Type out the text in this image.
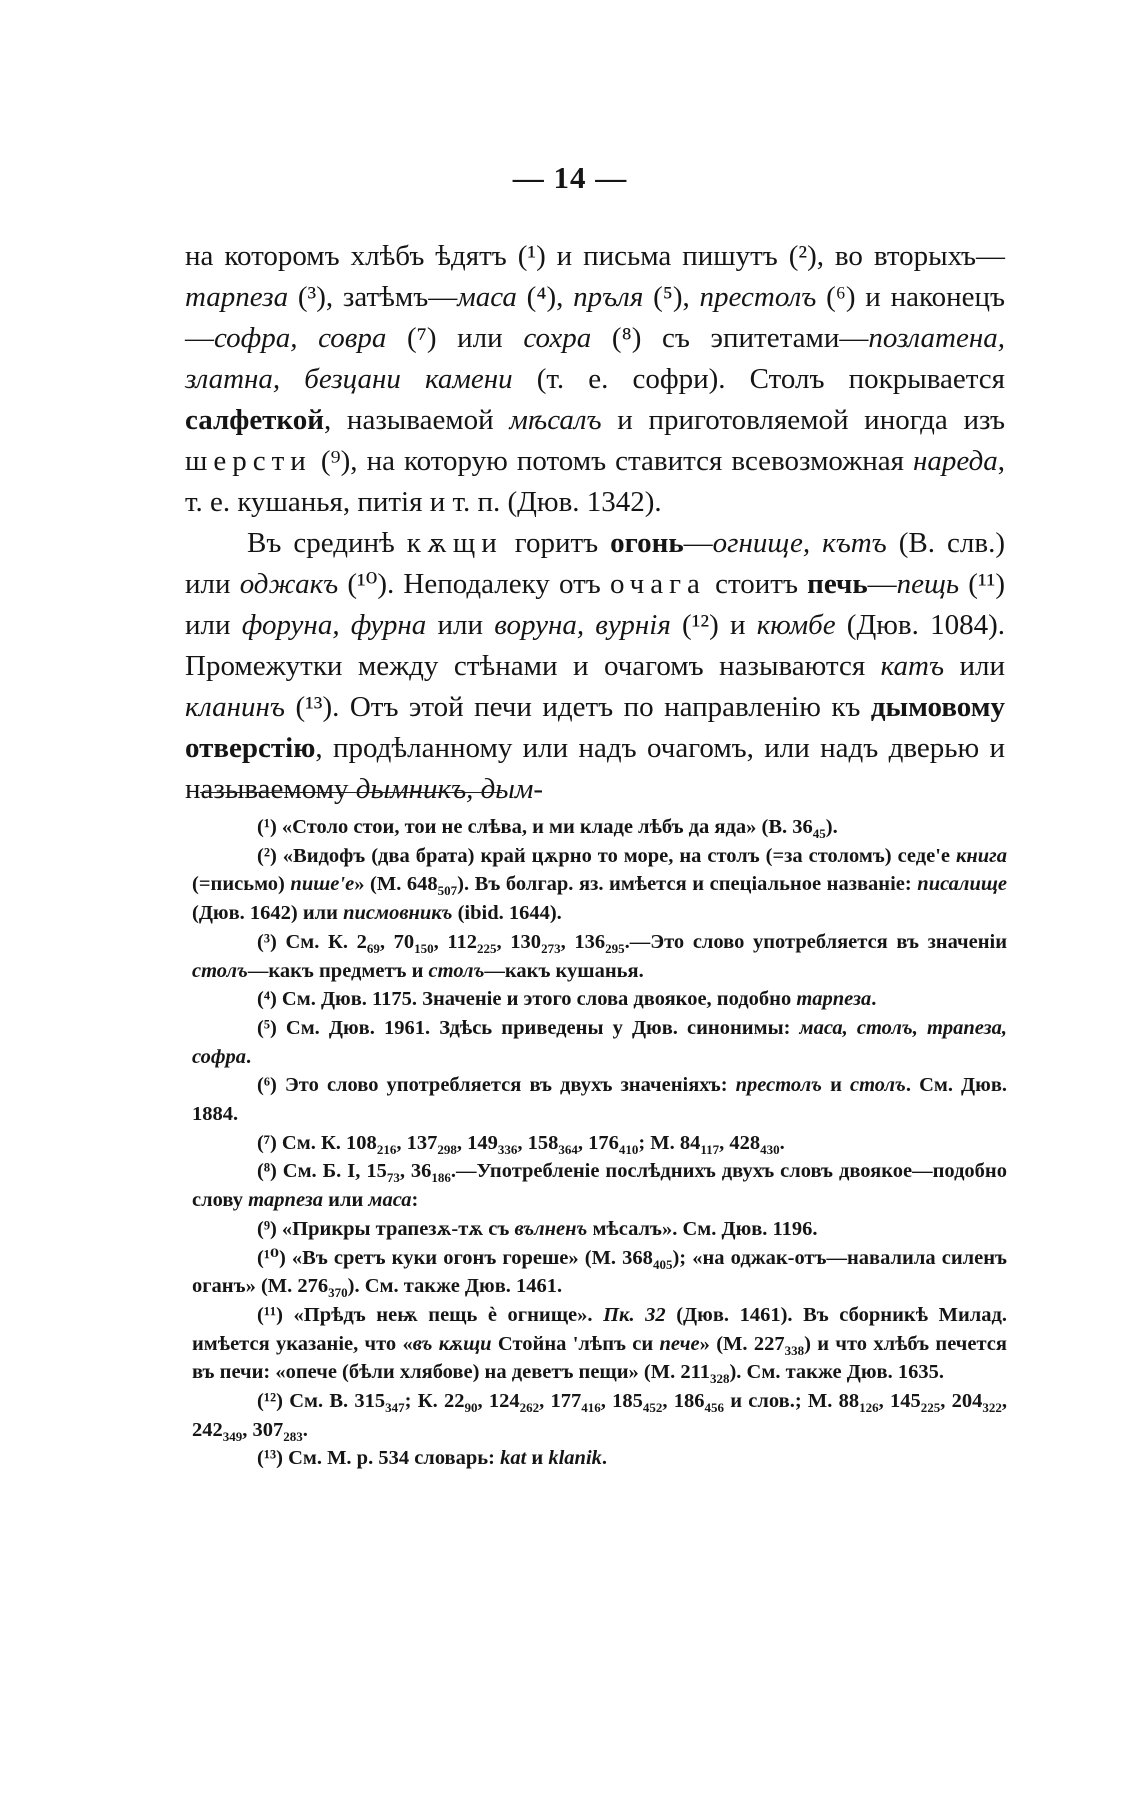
— 14 —

на которомъ хлѣбъ ѣдятъ (¹) и письма пишутъ (²), во вторыхъ—тарпеза (³), затѣмъ—маса (⁴), пръля (⁵), престолъ (⁶) и наконецъ—софра, совра (⁷) или сохра (⁸) съ эпитетами—позлатена, златна, безцани камени (т. е. софри). Столъ покрывается салфеткой, называемой мѣсалъ и приготовляемой иногда изъ шерсти (⁹), на которую потомъ ставится всевозможная нареда, т. е. кушанья, питія и т. п. (Дюв. 1342).

Въ срединѣ кѫщи горитъ огонь—огнище, кътъ (В. слв.) или оджакъ (¹⁰). Неподалеку отъ очага стоитъ печь—пещь (¹¹) или форуна, фурна или воруна, вурнія (¹²) и кюмбе (Дюв. 1084). Промежутки между стѣнами и очагомъ называются катъ или кланинъ (¹³). Отъ этой печи идетъ по направленію къ дымовому отверстію, продѣланному или надъ очагомъ, или надъ дверью и называемому дымникъ, дым-

(¹) «Столо стои, тои не слѣва, и ми кладе лѣбъ да яда» (В. $36_{45}$).

(²) «Видофъ (два брата) край цѫрно то море, на столъ (=за столомъ) седе'е книга (=письмо) пише'е» (М. $648_{507}$). Въ болгар. яз. имѣется и спеціальное названіе: писалище (Дюв. 1642) или писмовникъ (ibid. 1644).

(³) См. К. $2_{69}$, $70_{150}$, $112_{225}$, $130_{273}$, $136_{295}.—Это$ слово употребляется въ значеніи столъ—какъ предметъ и столъ—какъ кушанья.

(⁴) См. Дюв. 1175. Значеніе и этого слова двоякое, подобно тарпеза.

(⁵) См. Дюв. 1961. Здѣсь приведены у Дюв. синонимы: маса, столъ, трапеза, софра.

(⁶) Это слово употребляется въ двухъ значеніяхъ: престолъ и столъ. См. Дюв. 1884.

(⁷) См. К. $108_{216}$, $137_{298}$, $149_{336}$, $158_{364}$, $176_{410}$; М. $84_{117}$, $428_{430}$.

(⁸) См. Б. I, $15_{73}$, $36_{186}.—Употребленіе$ послѣднихъ двухъ словъ двоякое—подобно слову тарпеза или маса:

(⁹) «Прикры трапезѫ-тѫ съ вълненъ мѣсалъ». См. Дюв. 1196.

(¹⁰) «Въ сретъ куки огонъ гореше» (М. $368_{405}$); «на оджак-отъ—навалила силенъ оганъ» (М. $276_{370}$). См. также Дюв. 1461.

(¹¹) «Прѣдъ неѭ пещь ѐ огнище». Пк. 32 (Дюв. 1461). Въ сборникѣ Милад. имѣется указаніе, что «въ кѫщи Стойна 'лѣпъ си пече» (М. $227_{338}$) и что хлѣбъ печется въ печи: «опече (бѣли хлябове) на деветъ пещи» (М. $211_{328}$). См. также Дюв. 1635.

(¹²) См. В. $315_{347}$; К. $22_{90}$, $124_{262}$, $177_{416}$, $185_{452}$, $186_{456}$ и слов.; М. $88_{126}$, $145_{225}$, $204_{322}$, $242_{349}$, $307_{283}$.

(¹³) См. М. р. 534 словарь: kat и klanik.
